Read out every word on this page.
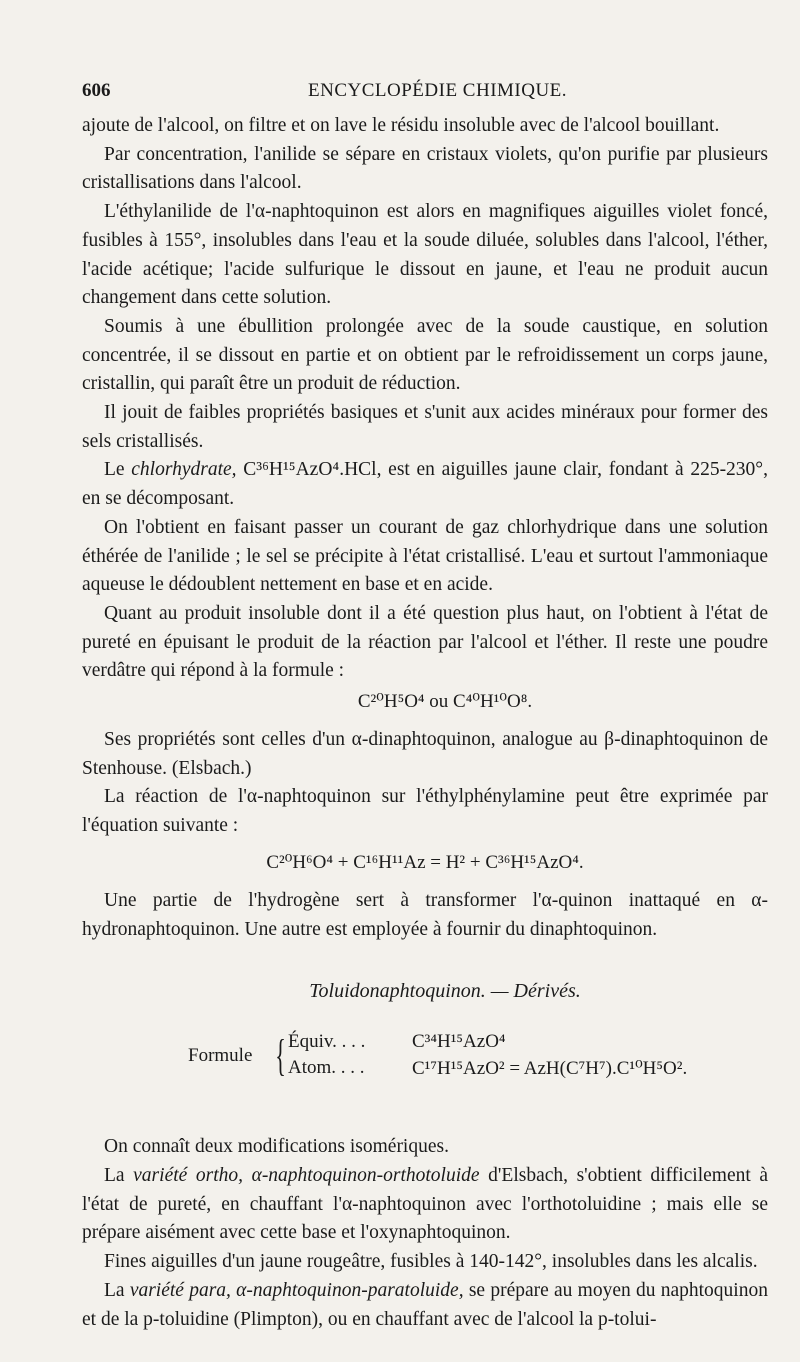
606	ENCYCLOPÉDIE CHIMIQUE.

ajoute de l'alcool, on filtre et on lave le résidu insoluble avec de l'alcool bouillant.

Par concentration, l'anilide se sépare en cristaux violets, qu'on purifie par plusieurs cristallisations dans l'alcool.

L'éthylanilide de l'α-naphtoquinon est alors en magnifiques aiguilles violet foncé, fusibles à 155°, insolubles dans l'eau et la soude diluée, solubles dans l'alcool, l'éther, l'acide acétique; l'acide sulfurique le dissout en jaune, et l'eau ne produit aucun changement dans cette solution.

Soumis à une ébullition prolongée avec de la soude caustique, en solution concentrée, il se dissout en partie et on obtient par le refroidissement un corps jaune, cristallin, qui paraît être un produit de réduction.

Il jouit de faibles propriétés basiques et s'unit aux acides minéraux pour former des sels cristallisés.

Le chlorhydrate, C³⁶H¹⁵AzO⁴.HCl, est en aiguilles jaune clair, fondant à 225-230°, en se décomposant.

On l'obtient en faisant passer un courant de gaz chlorhydrique dans une solution éthérée de l'anilide ; le sel se précipite à l'état cristallisé. L'eau et surtout l'ammoniaque aqueuse le dédoublent nettement en base et en acide.

Quant au produit insoluble dont il a été question plus haut, on l'obtient à l'état de pureté en épuisant le produit de la réaction par l'alcool et l'éther. Il reste une poudre verdâtre qui répond à la formule :

C²⁰H⁵O⁴ ou C⁴⁰H¹⁰O⁸.

Ses propriétés sont celles d'un α-dinaphtoquinon, analogue au β-dinaphtoquinon de Stenhouse. (Elsbach.)

La réaction de l'α-naphtoquinon sur l'éthylphénylamine peut être exprimée par l'équation suivante :

C²⁰H⁶O⁴ + C¹⁶H¹¹Az = H² + C³⁶H¹⁵AzO⁴.

Une partie de l'hydrogène sert à transformer l'α-quinon inattaqué en α-hydronaphtoquinon. Une autre est employée à fournir du dinaphtoquinon.

Toluidonaphtoquinon. — Dérivés.
Formule { Équiv. . . . C³⁴H¹⁵AzO⁴
Atom. . . . C¹⁷H¹⁵AzO² = AzH(C⁷H⁷).C¹⁰H⁵O².

On connaît deux modifications isomériques.

La variété ortho, α-naphtoquinon-orthotoluide d'Elsbach, s'obtient difficilement à l'état de pureté, en chauffant l'α-naphtoquinon avec l'orthotoluidine ; mais elle se prépare aisément avec cette base et l'oxynaphtoquinon.

Fines aiguilles d'un jaune rougeâtre, fusibles à 140-142°, insolubles dans les alcalis.

La variété para, α-naphtoquinon-paratoluide, se prépare au moyen du naphtoquinon et de la p-toluidine (Plimpton), ou en chauffant avec de l'alcool la p-tolui-
